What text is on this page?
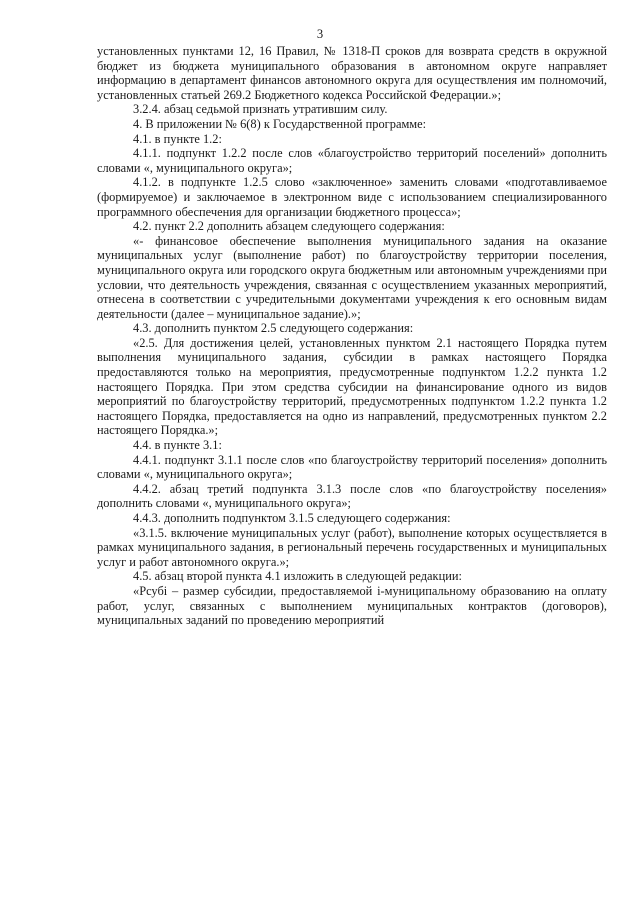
3

установленных пунктами 12, 16 Правил, № 1318-П сроков для возврата средств в окружной бюджет из бюджета муниципального образования в автономном округе направляет информацию в департамент финансов автономного округа для осуществления им полномочий, установленных статьей 269.2 Бюджетного кодекса Российской Федерации.»;

3.2.4. абзац седьмой признать утратившим силу.

4. В приложении № 6(8) к Государственной программе:

4.1. в пункте 1.2:

4.1.1. подпункт 1.2.2 после слов «благоустройство территорий поселений» дополнить словами «, муниципального округа»;

4.1.2. в подпункте 1.2.5 слово «заключенное» заменить словами «подготавливаемое (формируемое) и заключаемое в электронном виде с использованием специализированного программного обеспечения для организации бюджетного процесса»;

4.2. пункт 2.2 дополнить абзацем следующего содержания:

«- финансовое обеспечение выполнения муниципального задания на оказание муниципальных услуг (выполнение работ) по благоустройству территории поселения, муниципального округа или городского округа бюджетным или автономным учреждениями при условии, что деятельность учреждения, связанная с осуществлением указанных мероприятий, отнесена в соответствии с учредительными документами учреждения к его основным видам деятельности (далее – муниципальное задание).»;

4.3. дополнить пунктом 2.5 следующего содержания:

«2.5. Для достижения целей, установленных пунктом 2.1 настоящего Порядка путем выполнения муниципального задания, субсидии в рамках настоящего Порядка предоставляются только на мероприятия, предусмотренные подпунктом 1.2.2 пункта 1.2 настоящего Порядка. При этом средства субсидии на финансирование одного из видов мероприятий по благоустройству территорий, предусмотренных подпунктом 1.2.2 пункта 1.2 настоящего Порядка, предоставляется на одно из направлений, предусмотренных пунктом 2.2 настоящего Порядка.»;

4.4. в пункте 3.1:

4.4.1. подпункт 3.1.1 после слов «по благоустройству территорий поселения» дополнить словами «, муниципального округа»;

4.4.2. абзац третий подпункта 3.1.3 после слов «по благоустройству поселения» дополнить словами «, муниципального округа»;

4.4.3. дополнить подпунктом 3.1.5 следующего содержания:

«3.1.5. включение муниципальных услуг (работ), выполнение которых осуществляется в рамках муниципального задания, в региональный перечень государственных и муниципальных услуг и работ автономного округа.»;

4.5. абзац второй пункта 4.1 изложить в следующей редакции:

«Рсубi – размер субсидии, предоставляемой i-муниципальному образованию на оплату работ, услуг, связанных с выполнением муниципальных контрактов (договоров), муниципальных заданий по проведению мероприятий
